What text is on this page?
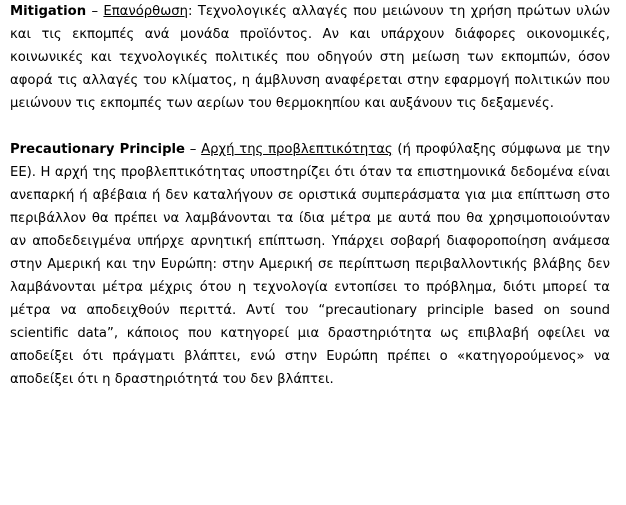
Mitigation – Επανόρθωση: Τεχνολογικές αλλαγές που μειώνουν τη χρήση πρώτων υλών και τις εκπομπές ανά μονάδα προϊόντος. Αν και υπάρχουν διάφορες οικονομικές, κοινωνικές και τεχνολογικές πολιτικές που οδηγούν στη μείωση των εκπομπών, όσον αφορά τις αλλαγές του κλίματος, η άμβλυνση αναφέρεται στην εφαρμογή πολιτικών που μειώνουν τις εκπομπές των αερίων του θερμοκηπίου και αυξάνουν τις δεξαμενές.

Precautionary Principle – Αρχή της προβλεπτικότητας (ή προφύλαξης σύμφωνα με την ΕΕ). Η αρχή της προβλεπτικότητας υποστηρίζει ότι όταν τα επιστημονικά δεδομένα είναι ανεπαρκή ή αβέβαια ή δεν καταλήγουν σε οριστικά συμπεράσματα για μια επίπτωση στο περιβάλλον θα πρέπει να λαμβάνονται τα ίδια μέτρα με αυτά που θα χρησιμοποιούνταν αν αποδεδειγμένα υπήρχε αρνητική επίπτωση. Υπάρχει σοβαρή διαφοροποίηση ανάμεσα στην Αμερική και την Ευρώπη: στην Αμερική σε περίπτωση περιβαλλοντικής βλάβης δεν λαμβάνονται μέτρα μέχρις ότου η τεχνολογία εντοπίσει το πρόβλημα, διότι μπορεί τα μέτρα να αποδειχθούν περιττά. Αντί του “precautionary principle based on sound scientific data”, κάποιος που κατηγορεί μια δραστηριότητα ως επιβλαβή οφείλει να αποδείξει ότι πράγματι βλάπτει, ενώ στην Ευρώπη πρέπει ο «κατηγορούμενος» να αποδείξει ότι η δραστηριότητά του δεν βλάπτει.
